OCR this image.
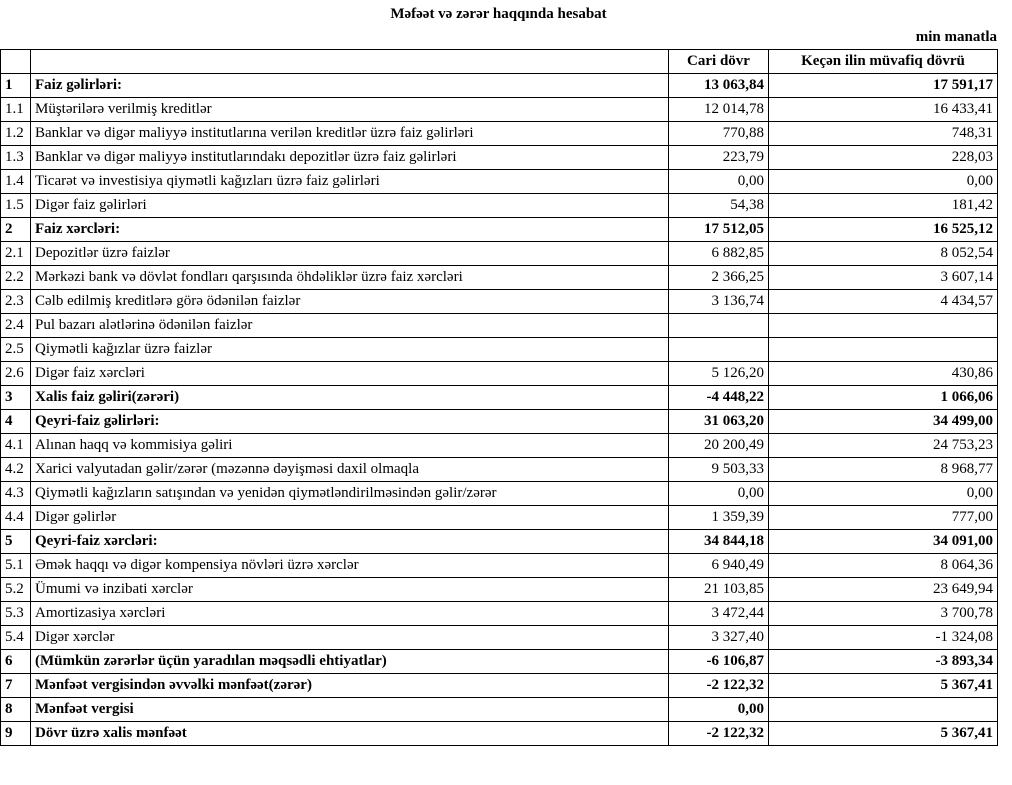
Məfəət və zərər haqqında hesabat
min manatla
		Cari dövr	Keçən ilin müvafiq dövrü
1	Faiz gəlirləri:	13 063,84	17 591,17
1.1	Müştərilərə verilmiş kreditlər	12 014,78	16 433,41
1.2	Banklar və digər maliyyə institutlarına verilən kreditlər üzrə faiz gəlirləri	770,88	748,31
1.3	Banklar və digər maliyyə institutlarındakı depozitlər üzrə faiz gəlirləri	223,79	228,03
1.4	Ticarət və investisiya qiymətli kağızları üzrə faiz gəlirləri	0,00	0,00
1.5	Digər faiz gəlirləri	54,38	181,42
2	Faiz xərcləri:	17 512,05	16 525,12
2.1	Depozitlər üzrə faizlər	6 882,85	8 052,54
2.2	Mərkəzi bank və dövlət fondları qarşısında öhdəliklər üzrə faiz xərcləri	2 366,25	3 607,14
2.3	Cəlb edilmiş kreditlərə görə ödənilən faizlər	3 136,74	4 434,57
2.4	Pul bazarı alətlərinə ödənilən faizlər		
2.5	Qiymətli kağızlar üzrə faizlər		
2.6	Digər faiz xərcləri	5 126,20	430,86
3	Xalis faiz gəliri(zərəri)	-4 448,22	1 066,06
4	Qeyri-faiz gəlirləri:	31 063,20	34 499,00
4.1	Alınan haqq və kommisiya gəliri	20 200,49	24 753,23
4.2	Xarici valyutadan gəlir/zərər (məzənnə dəyişməsi daxil olmaqla	9 503,33	8 968,77
4.3	Qiymətli kağızların satışından və yenidən qiymətləndirilməsindən gəlir/zərər	0,00	0,00
4.4	Digər gəlirlər	1 359,39	777,00
5	Qeyri-faiz xərcləri:	34 844,18	34 091,00
5.1	Əmək haqqı və digər kompensiya növləri üzrə xərclər	6 940,49	8 064,36
5.2	Ümumi və inzibati xərclər	21 103,85	23 649,94
5.3	Amortizasiya xərcləri	3 472,44	3 700,78
5.4	Digər xərclər	3 327,40	-1 324,08
6	(Mümkün zərərlər üçün yaradılan məqsədli ehtiyatlar)	-6 106,87	-3 893,34
7	Mənfəət vergisindən əvvəlki mənfəət(zərər)	-2 122,32	5 367,41
8	Mənfəət vergisi	0,00	
9	Dövr üzrə xalis mənfəət	-2 122,32	5 367,41
